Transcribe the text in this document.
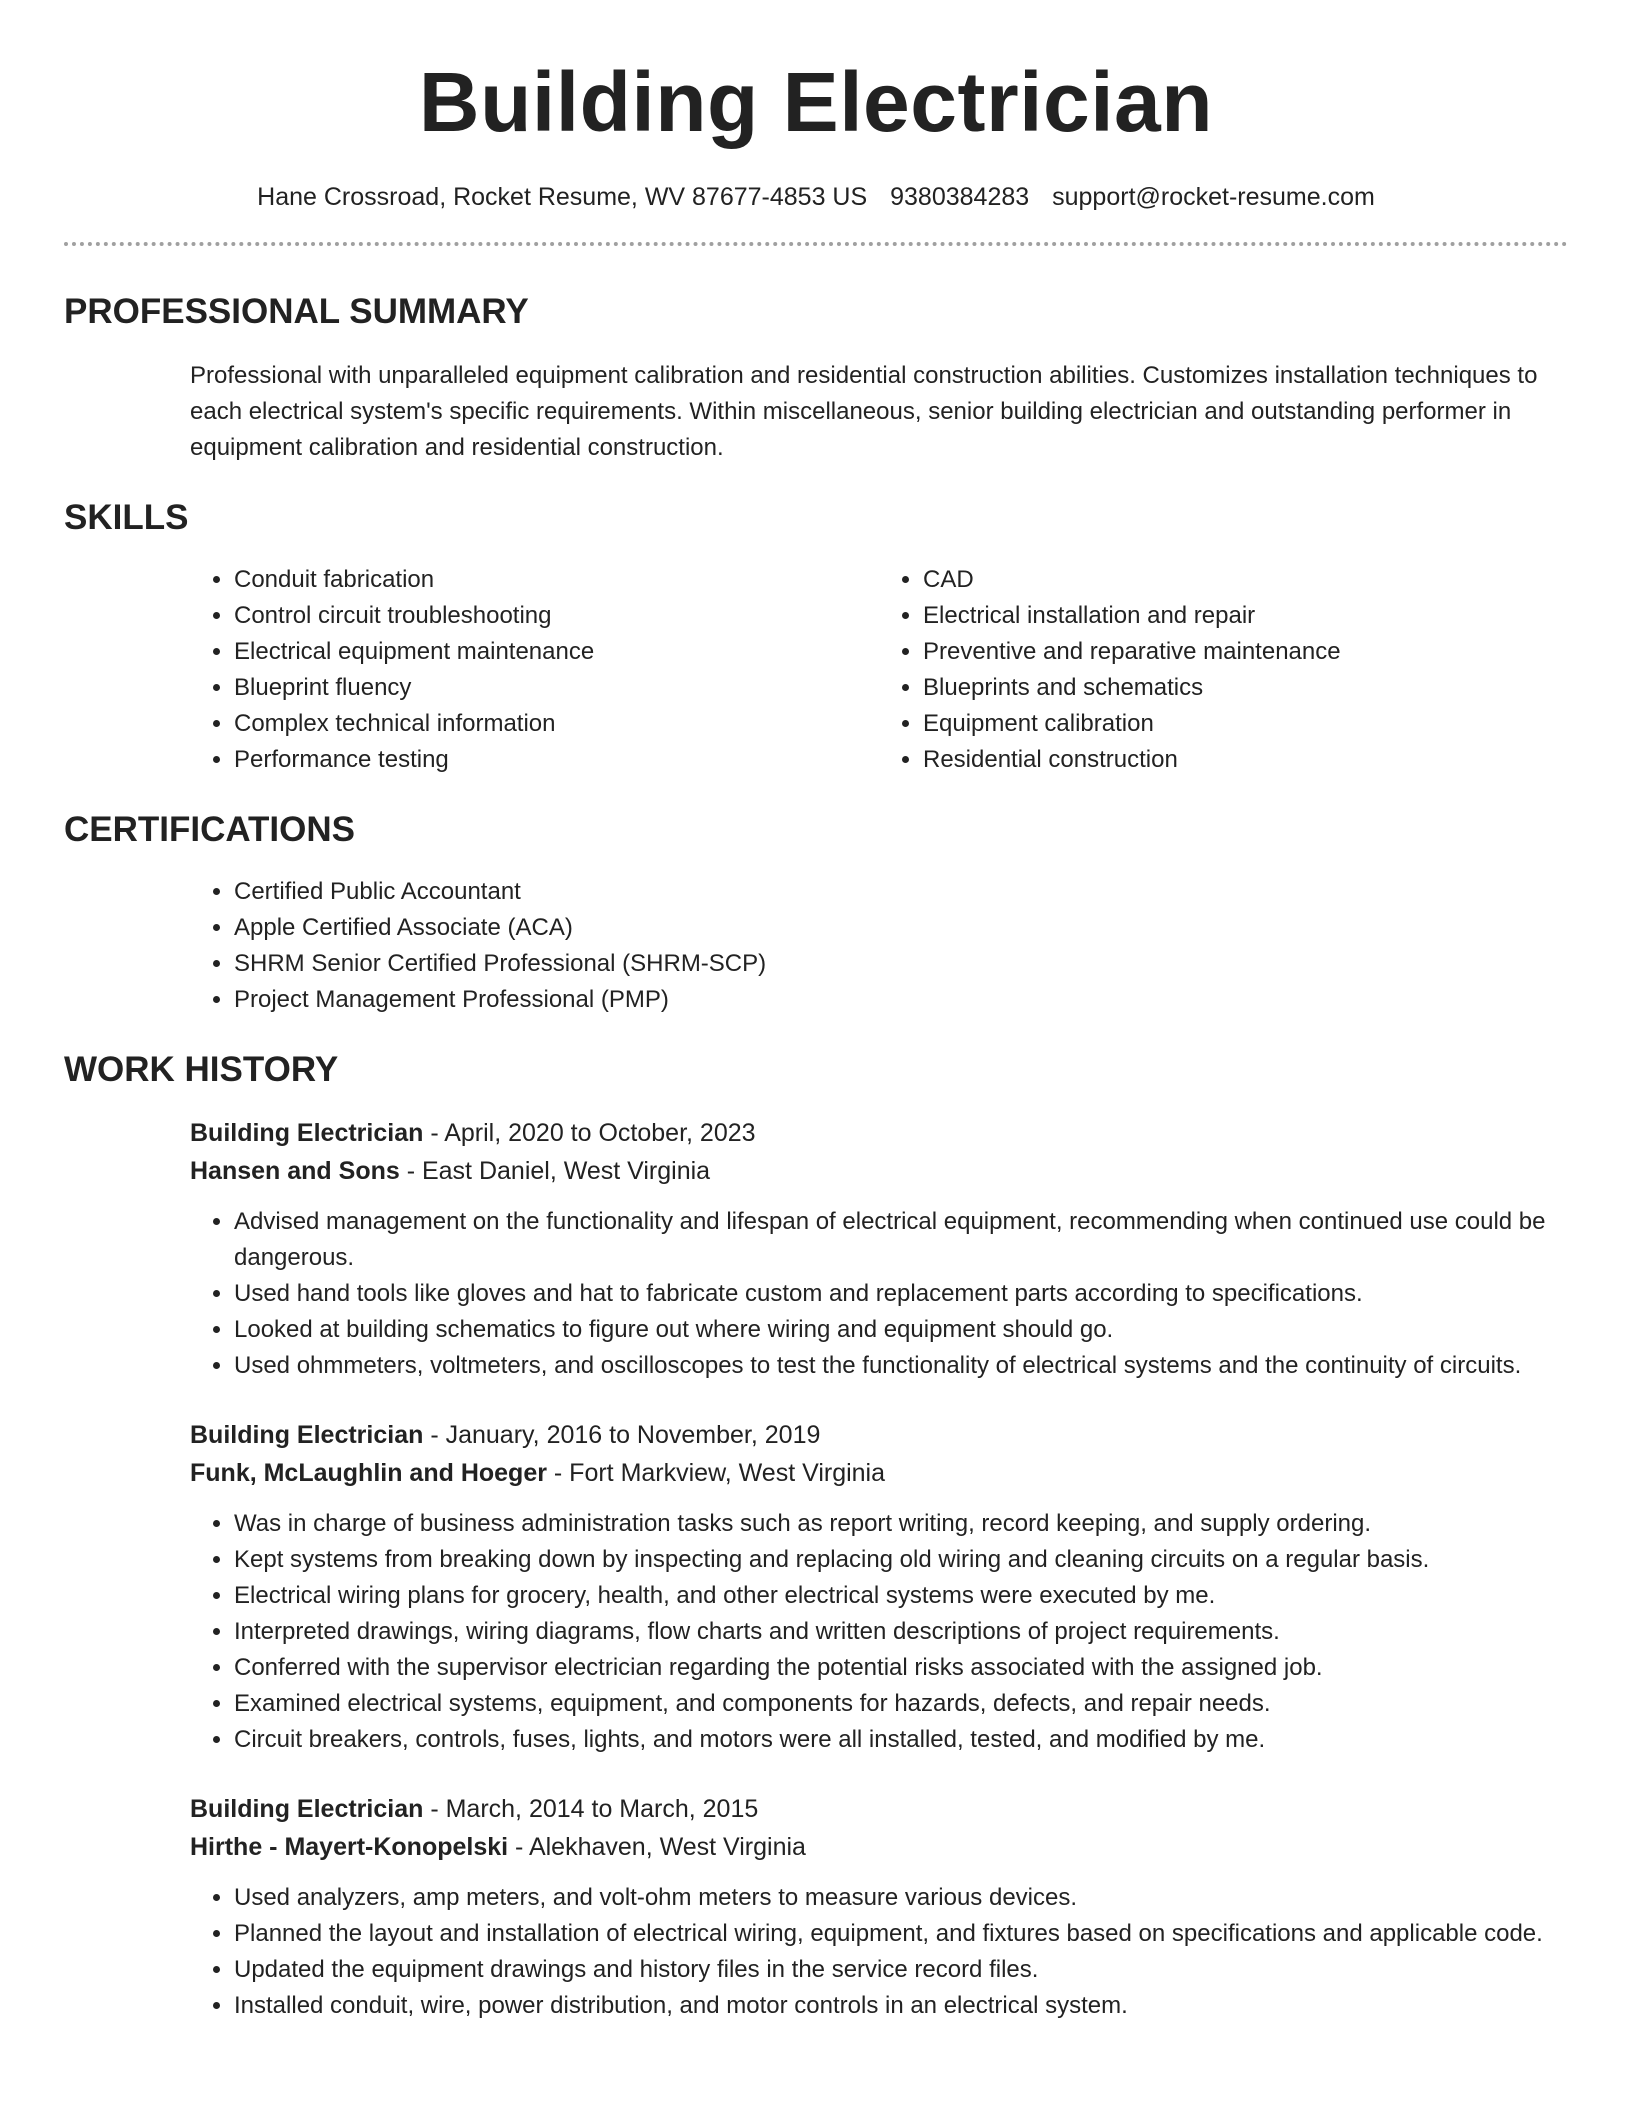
Building Electrician
Hane Crossroad, Rocket Resume, WV 87677-4853 US 9380384283 support@rocket-resume.com
PROFESSIONAL SUMMARY
Professional with unparalleled equipment calibration and residential construction abilities. Customizes installation techniques to each electrical system's specific requirements. Within miscellaneous, senior building electrician and outstanding performer in equipment calibration and residential construction.
SKILLS
• Conduit fabrication
• Control circuit troubleshooting
• Electrical equipment maintenance
• Blueprint fluency
• Complex technical information
• Performance testing
• CAD
• Electrical installation and repair
• Preventive and reparative maintenance
• Blueprints and schematics
• Equipment calibration
• Residential construction
CERTIFICATIONS
• Certified Public Accountant
• Apple Certified Associate (ACA)
• SHRM Senior Certified Professional (SHRM-SCP)
• Project Management Professional (PMP)
WORK HISTORY
Building Electrician - April, 2020 to October, 2023
Hansen and Sons - East Daniel, West Virginia
• Advised management on the functionality and lifespan of electrical equipment, recommending when continued use could be dangerous.
• Used hand tools like gloves and hat to fabricate custom and replacement parts according to specifications.
• Looked at building schematics to figure out where wiring and equipment should go.
• Used ohmmeters, voltmeters, and oscilloscopes to test the functionality of electrical systems and the continuity of circuits.
Building Electrician - January, 2016 to November, 2019
Funk, McLaughlin and Hoeger - Fort Markview, West Virginia
• Was in charge of business administration tasks such as report writing, record keeping, and supply ordering.
• Kept systems from breaking down by inspecting and replacing old wiring and cleaning circuits on a regular basis.
• Electrical wiring plans for grocery, health, and other electrical systems were executed by me.
• Interpreted drawings, wiring diagrams, flow charts and written descriptions of project requirements.
• Conferred with the supervisor electrician regarding the potential risks associated with the assigned job.
• Examined electrical systems, equipment, and components for hazards, defects, and repair needs.
• Circuit breakers, controls, fuses, lights, and motors were all installed, tested, and modified by me.
Building Electrician - March, 2014 to March, 2015
Hirthe - Mayert-Konopelski - Alekhaven, West Virginia
• Used analyzers, amp meters, and volt-ohm meters to measure various devices.
• Planned the layout and installation of electrical wiring, equipment, and fixtures based on specifications and applicable code.
• Updated the equipment drawings and history files in the service record files.
• Installed conduit, wire, power distribution, and motor controls in an electrical system.
